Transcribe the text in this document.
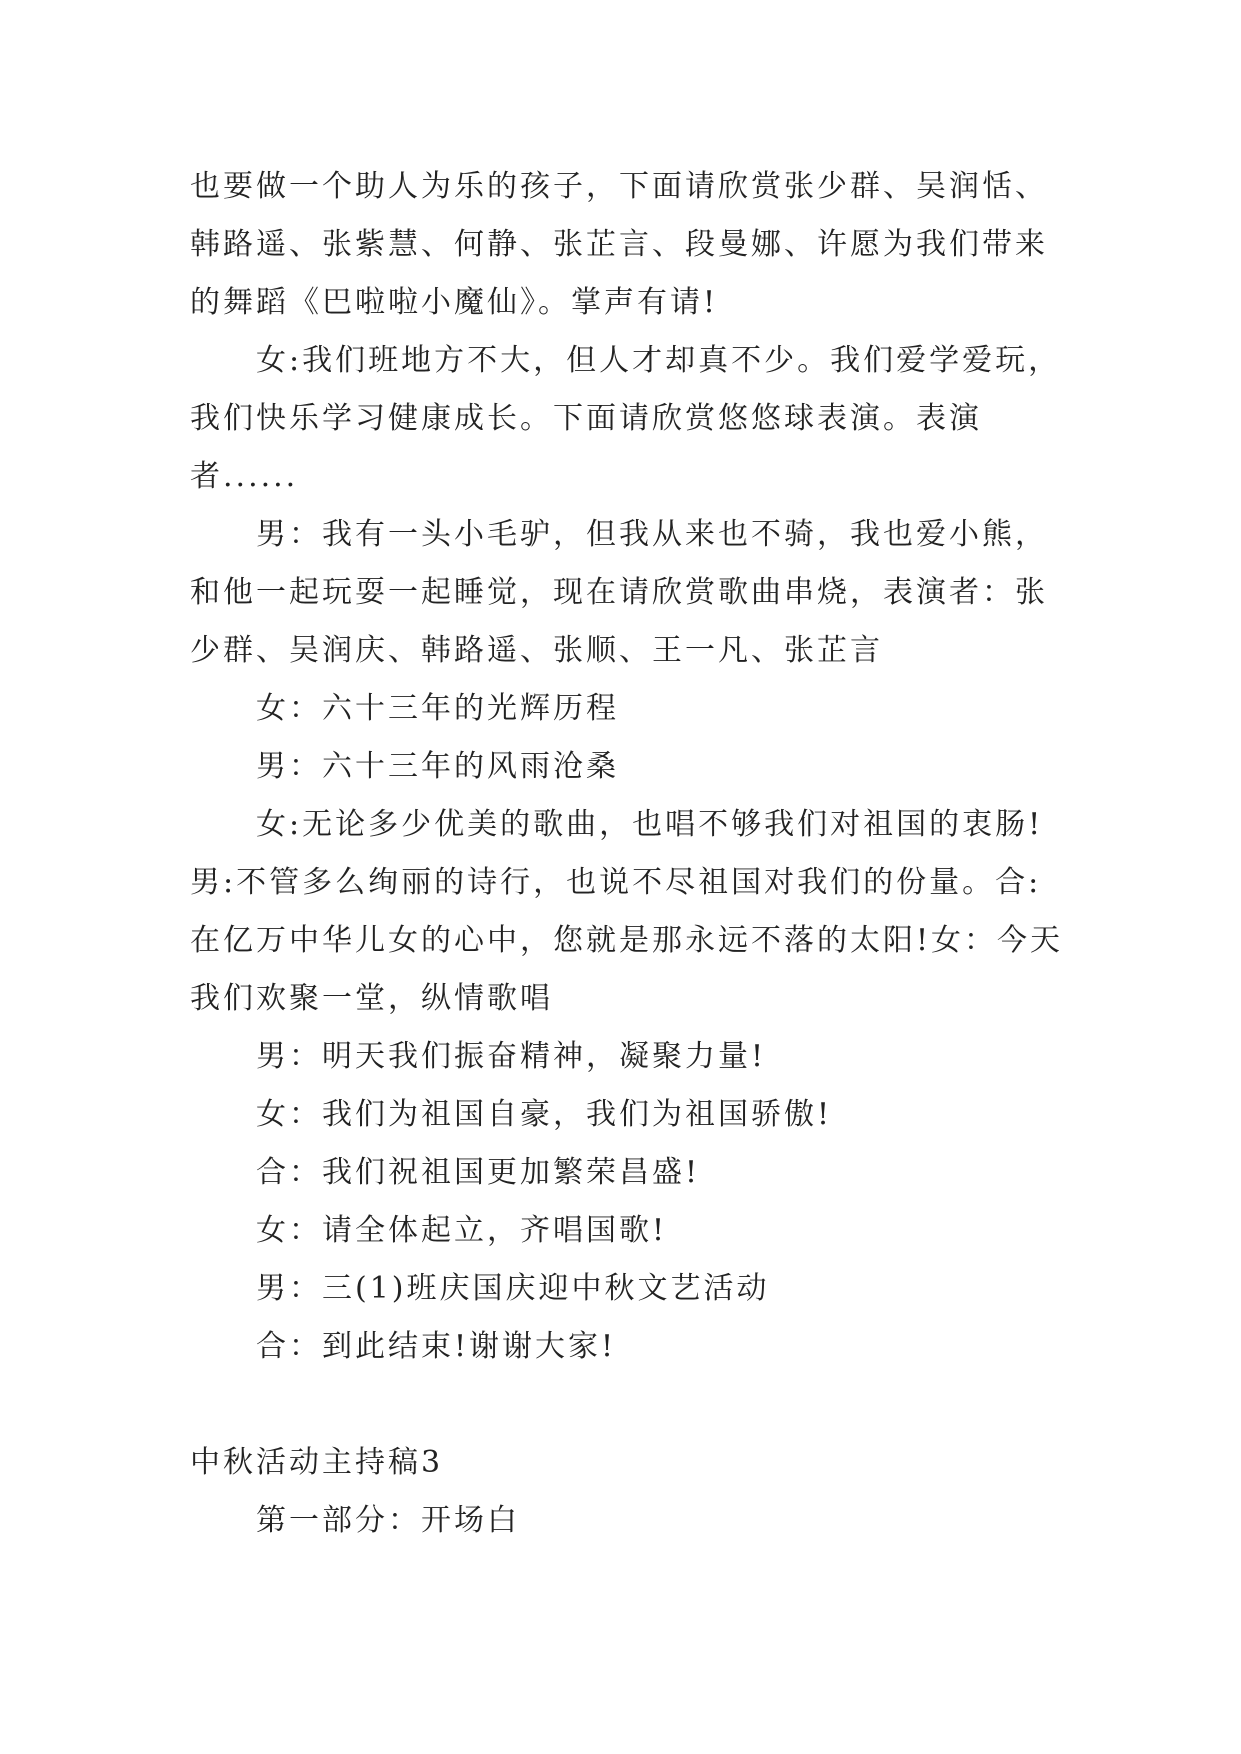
也要做一个助人为乐的孩子，下面请欣赏张少群、吴润恬、韩路遥、张紫慧、何静、张芷言、段曼娜、许愿为我们带来的舞蹈《巴啦啦小魔仙》。掌声有请!

女:我们班地方不大，但人才却真不少。我们爱学爱玩，我们快乐学习健康成长。下面请欣赏悠悠球表演。表演者......

男：我有一头小毛驴，但我从来也不骑，我也爱小熊，和他一起玩耍一起睡觉，现在请欣赏歌曲串烧，表演者：张少群、吴润庆、韩路遥、张顺、王一凡、张芷言

女：六十三年的光辉历程

男：六十三年的风雨沧桑

女:无论多少优美的歌曲，也唱不够我们对祖国的衷肠!男:不管多么绚丽的诗行，也说不尽祖国对我们的份量。合:在亿万中华儿女的心中，您就是那永远不落的太阳!女：今天我们欢聚一堂，纵情歌唱

男：明天我们振奋精神，凝聚力量!

女：我们为祖国自豪，我们为祖国骄傲!

合：我们祝祖国更加繁荣昌盛!

女：请全体起立，齐唱国歌!

男：三(1)班庆国庆迎中秋文艺活动

合：到此结束!谢谢大家!

中秋活动主持稿3

第一部分：开场白
